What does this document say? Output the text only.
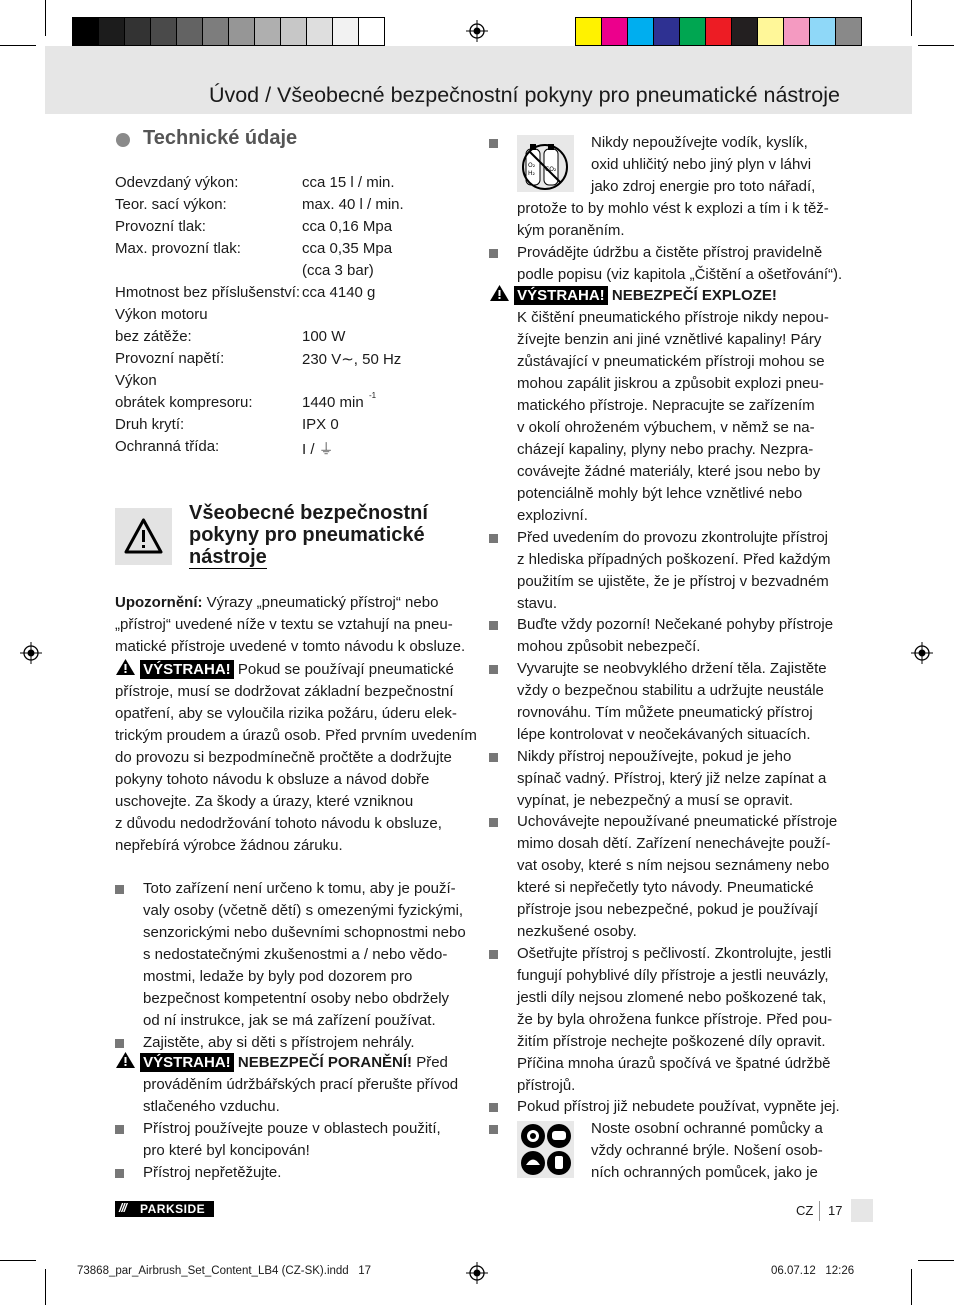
Úvod / Všeobecné bezpečnostní pokyny pro pneumatické nástroje
Technické údaje
Odevzdaný výkon:	cca 15 l / min.
Teor. sací výkon:	max. 40 l / min.
Provozní tlak:	cca 0,16 Mpa
Max. provozní tlak:	cca 0,35 Mpa
(cca 3 bar)
Hmotnost bez příslušenství: cca 4140 g
Výkon motoru
bez zátěže:	100 W
Provozní napětí:	230 V∼, 50 Hz
Výkon
obrátek kompresoru:	1440 min -1
Druh krytí:	IPX 0
Ochranná třída:	I / ⏚
Všeobecné bezpečnostní
pokyny pro pneumatické
nástroje
Upozornění: Výrazy „pneumatický přístroj“ nebo
„přístroj“ uvedené níže v textu se vztahují na pneu-
matické přístroje uvedené v tomto návodu k obsluze.
VÝSTRAHA! Pokud se používají pneumatické
přístroje, musí se dodržovat základní bezpečnostní
opatření, aby se vyloučila rizika požáru, úderu elek-
trickým proudem a úrazů osob. Před prvním uvedením
do provozu si bezpodmínečně pročtěte a dodržujte
pokyny tohoto návodu k obsluze a návod dobře
uschovejte. Za škody a úrazy, které vzniknou
z důvodu nedodržování tohoto návodu k obsluze,
nepřebírá výrobce žádnou záruku.
Toto zařízení není určeno k tomu, aby je použí-
valy osoby (včetně dětí) s omezenými fyzickými,
senzorickými nebo duševními schopnostmi nebo
s nedostatečnými zkušenostmi a / nebo vědo-
mostmi, ledaže by byly pod dozorem pro
bezpečnost kompetentní osoby nebo obdržely
od ní instrukce, jak se má zařízení používat.
Zajistěte, aby si děti s přístrojem nehrály.
VÝSTRAHA! NEBEZPEČÍ PORANĚNÍ! Před
prováděním údržbářských prací přerušte přívod
stlačeného vzduchu.
Přístroj používejte pouze v oblastech použití,
pro které byl koncipován!
Přístroj nepřetěžujte.
O₂
H₂
CO₂
Nikdy nepoužívejte vodík, kyslík,
oxid uhličitý nebo jiný plyn v láhvi
jako zdroj energie pro toto nářadí,
protože to by mohlo vést k explozi a tím i k těž-
kým poraněním.
Provádějte údržbu a čistěte přístroj pravidelně
podle popisu (viz kapitola „Čištění a ošetřování“).
VÝSTRAHA! NEBEZPEČÍ EXPLOZE!
K čištění pneumatického přístroje nikdy nepou-
žívejte benzin ani jiné vznětlivé kapaliny! Páry
zůstávající v pneumatickém přístroji mohou se
mohou zapálit jiskrou a způsobit explozi pneu-
matického přístroje. Nepracujte se zařízením
v okolí ohroženém výbuchem, v němž se na-
cházejí kapaliny, plyny nebo prachy. Nezpra-
covávejte žádné materiály, které jsou nebo by
potenciálně mohly být lehce vznětlivé nebo
explozivní.
Před uvedením do provozu zkontrolujte přístroj
z hlediska případných poškození. Před každým
použitím se ujistěte, že je přístroj v bezvadném
stavu.
Buďte vždy pozorní! Nečekané pohyby přístroje
mohou způsobit nebezpečí.
Vyvarujte se neobvyklého držení těla. Zajistěte
vždy o bezpečnou stabilitu a udržujte neustále
rovnováhu. Tím můžete pneumatický přístroj
lépe kontrolovat v neočekávaných situacích.
Nikdy přístroj nepoužívejte, pokud je jeho
spínač vadný. Přístroj, který již nelze zapínat a
vypínat, je nebezpečný a musí se opravit.
Uchovávejte nepoužívané pneumatické přístroje
mimo dosah dětí. Zařízení nenechávejte použí-
vat osoby, které s ním nejsou seznámeny nebo
které si nepřečetly tyto návody. Pneumatické
přístroje jsou nebezpečné, pokud je používají
nezkušené osoby.
Ošetřujte přístroj s pečlivostí. Zkontrolujte, jestli
fungují pohyblivé díly přístroje a jestli neuvázly,
jestli díly nejsou zlomené nebo poškozené tak,
že by byla ohrožena funkce přístroje. Před pou-
žitím přístroje nechejte poškozené díly opravit.
Příčina mnoha úrazů spočívá ve špatné údržbě
přístrojů.
Pokud přístroj již nebudete používat, vypněte jej.
Noste osobní ochranné pomůcky a
vždy ochranné brýle. Nošení osob-
ních ochranných pomůcek, jako je
/// PARKSIDE	CZ 17
73868_par_Airbrush_Set_Content_LB4 (CZ-SK).indd   17	06.07.12   12:26
